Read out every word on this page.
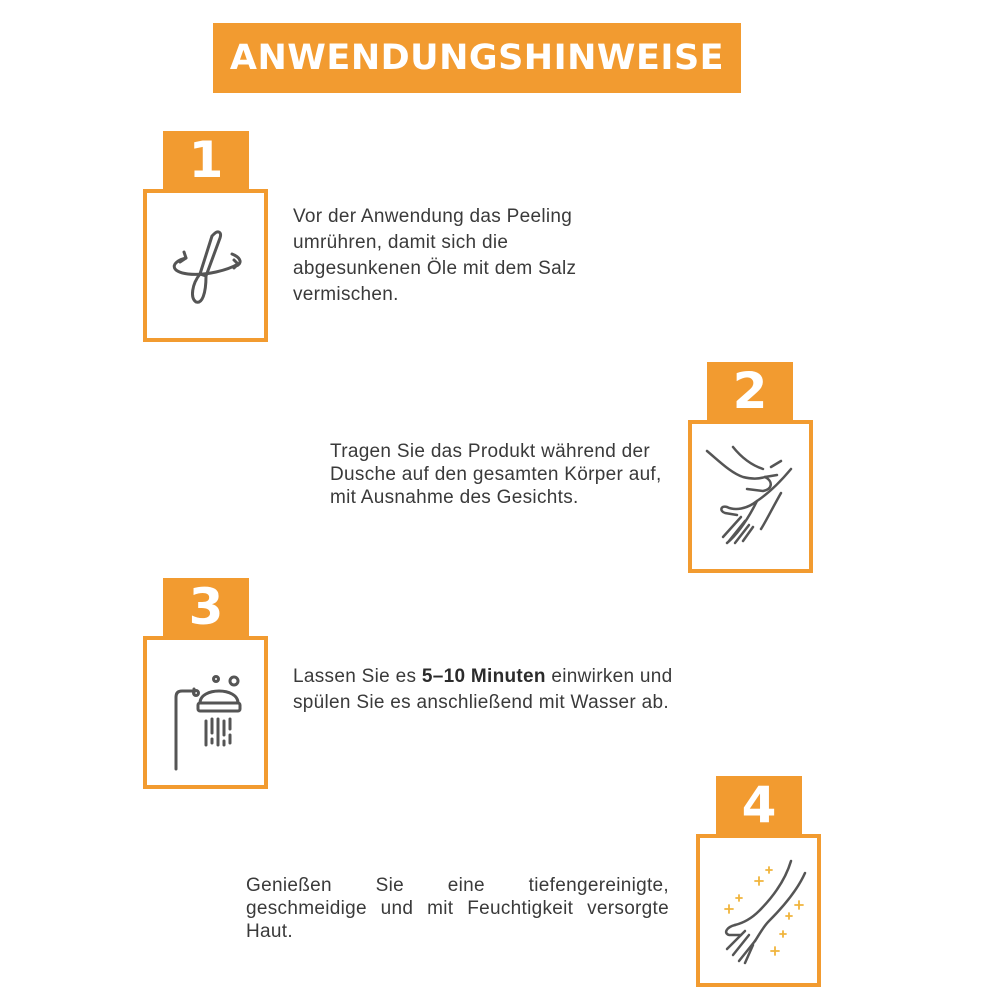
ANWENDUNGSHINWEISE
1
Vor der Anwendung das Peeling umrühren, damit sich die abgesunkenen Öle mit dem Salz vermischen.
2
Tragen Sie das Produkt während der Dusche auf den gesamten Körper auf, mit Ausnahme des Gesichts.
3
Lassen Sie es 5–10 Minuten einwirken und spülen Sie es anschließend mit Wasser ab.
4
Genießen Sie eine tiefengereinigte, geschmeidige und mit Feuchtigkeit versorgte Haut.
